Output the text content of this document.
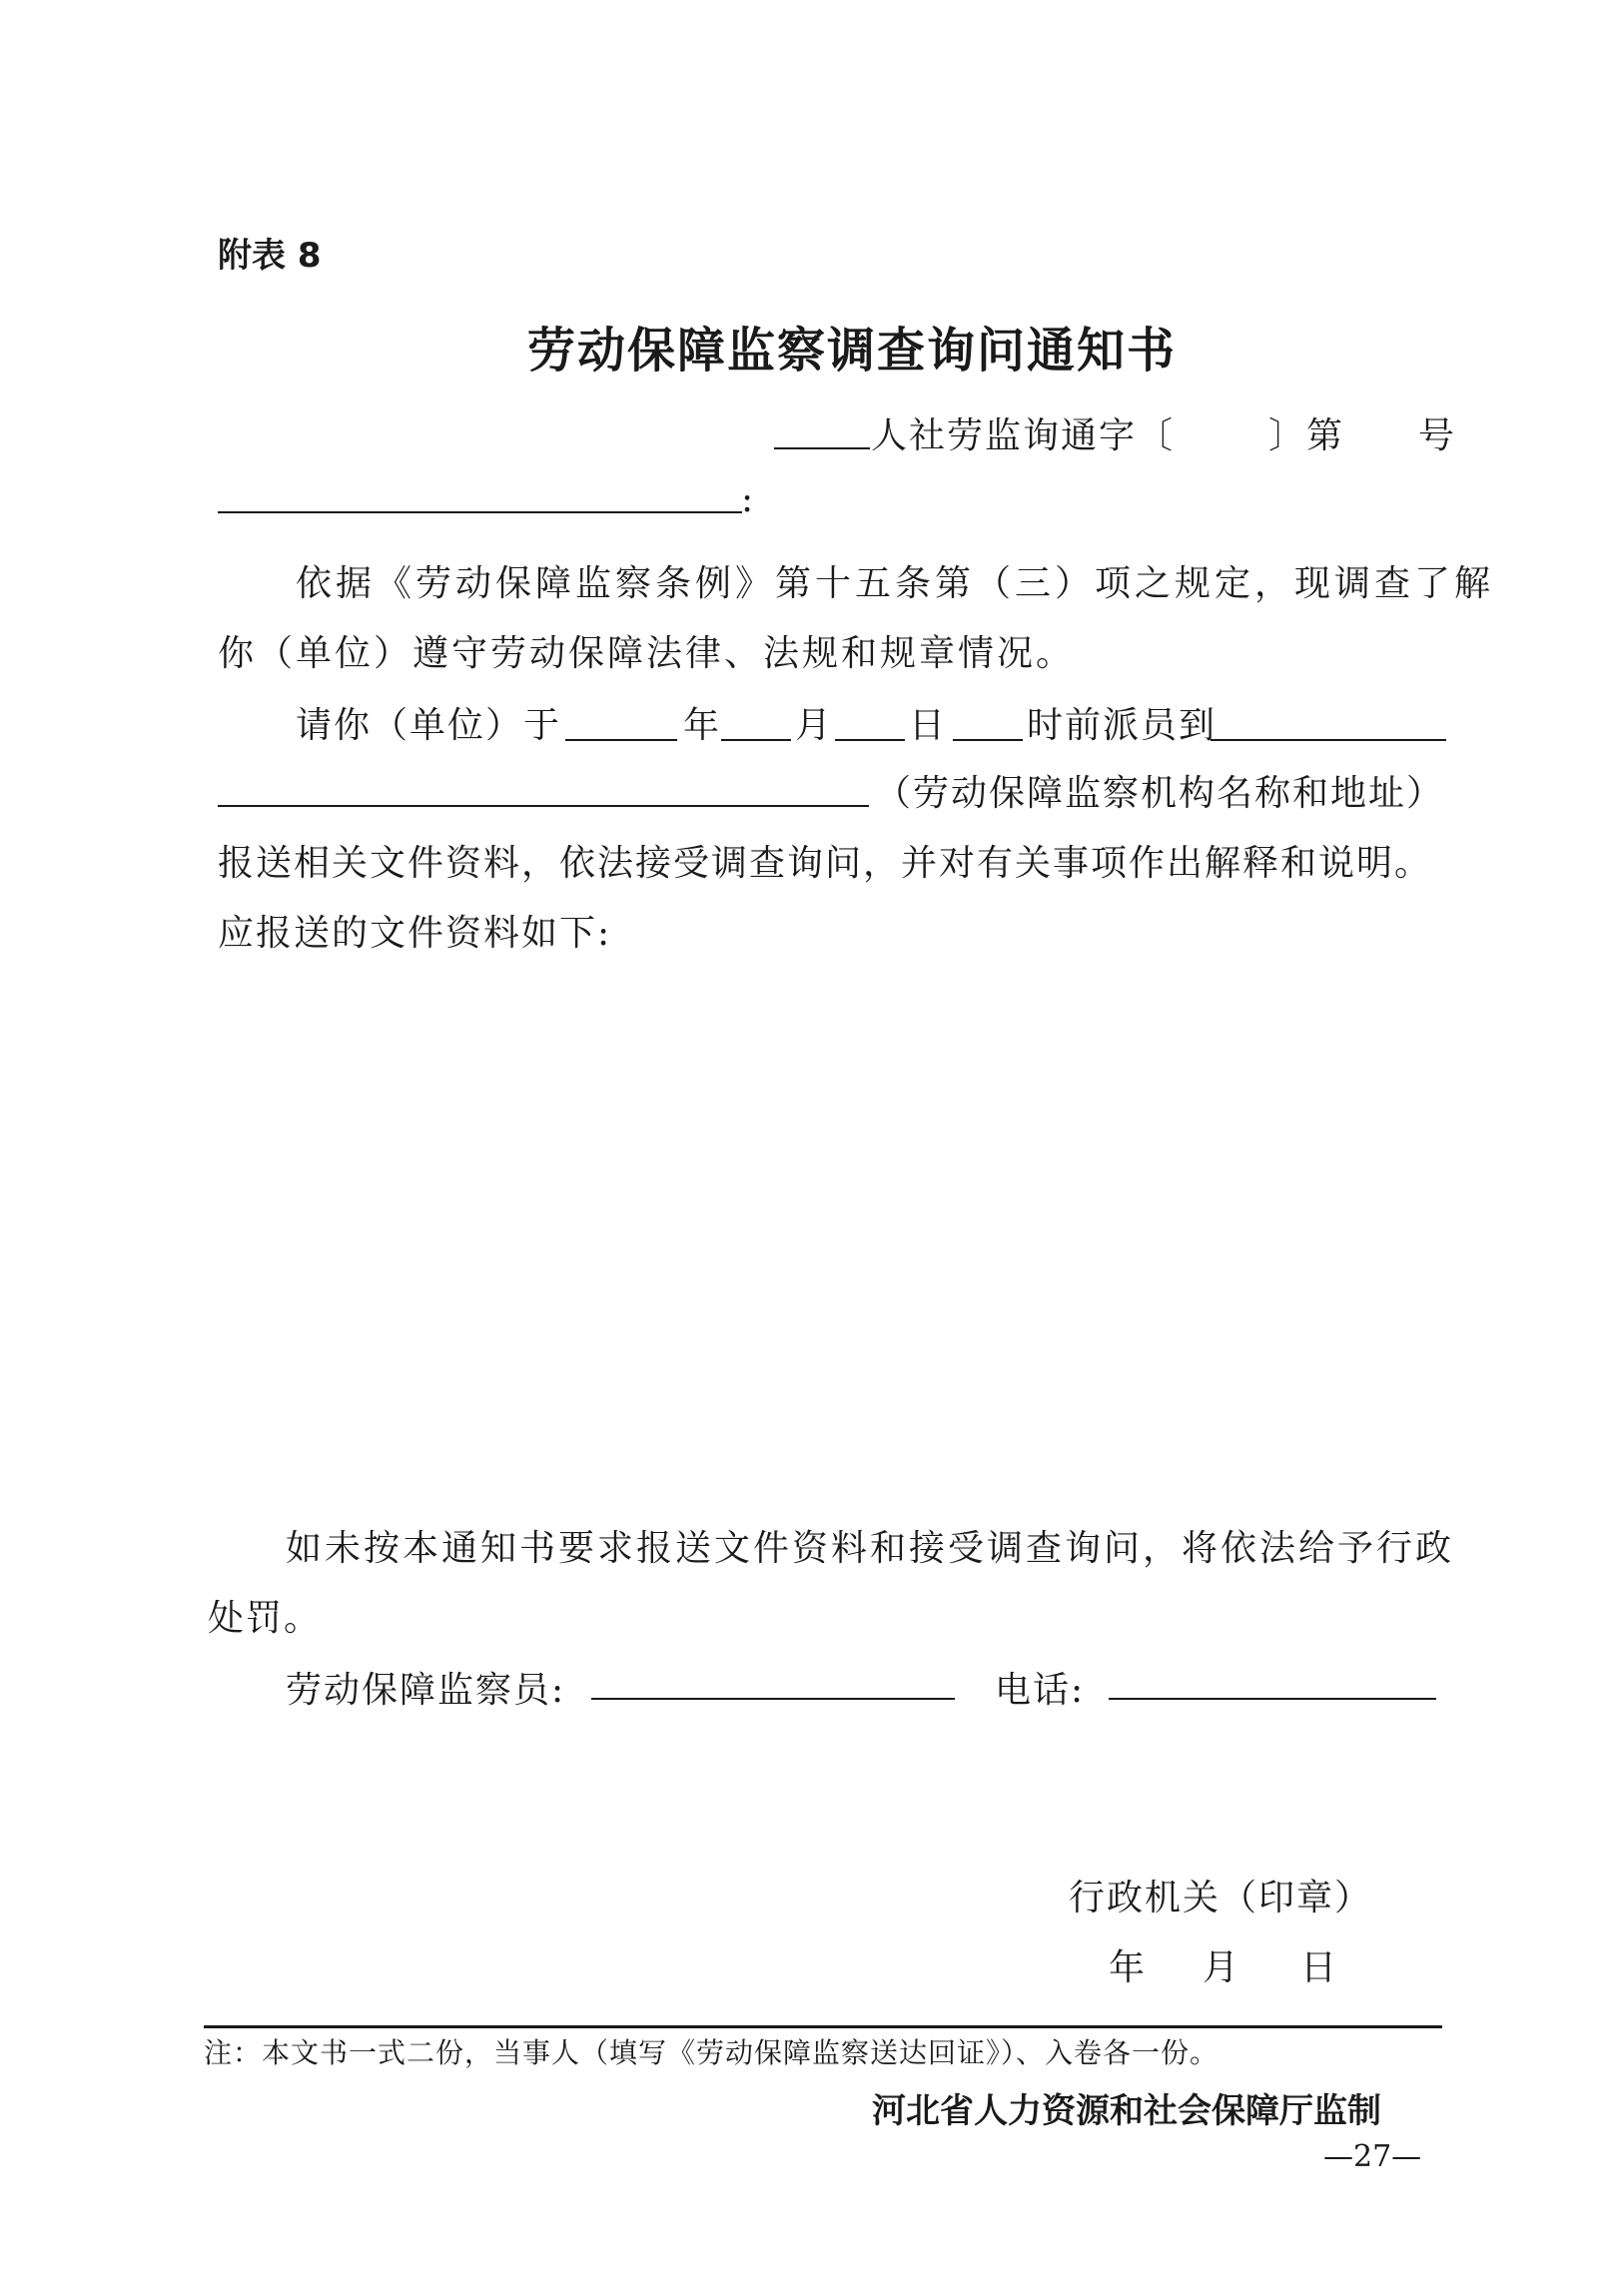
附表 8
劳动保障监察调查询问通知书
人社劳监询通字〔	〕第 号
:
依据《劳动保障监察条例》第十五条第（三）项之规定，现调查了解
你（单位）遵守劳动保障法律、法规和规章情况。
请你（单位）于	年 月 日 时前派员到
（劳动保障监察机构名称和地址）
报送相关文件资料，依法接受调查询问，并对有关事项作出解释和说明。
应报送的文件资料如下:
如未按本通知书要求报送文件资料和接受调查询问，将依法给予行政
处罚。
劳动保障监察员:	电话:
行政机关（印章）
年 月 日
注：本文书一式二份，当事人（填写《劳动保障监察送达回证》）、入卷各一份。
河北省人力资源和社会保障厅监制
—27—
